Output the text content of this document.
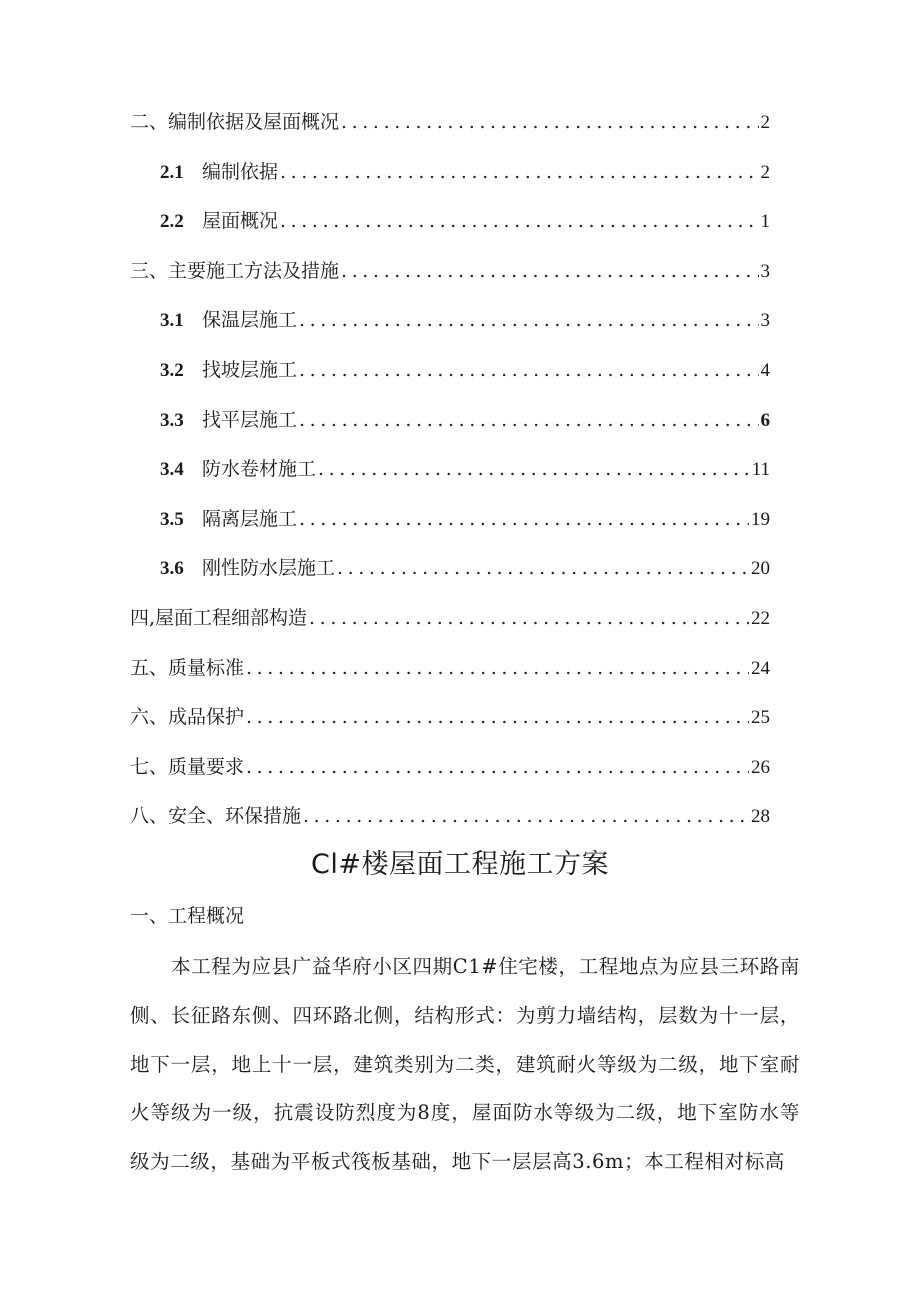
二、编制依据及屋面概况 .....	2
2.1 编制依据 .....	2
2.2 屋面概况 .....	1
三、主要施工方法及措施 .....	3
3.1 保温层施工 .....	3
3.2 找坡层施工 .....	4
3.3 找平层施工 .....	6
3.4 防水卷材施工 .....	11
3.5 隔离层施工 .....	19
3.6 刚性防水层施工 .....	20
四,屋面工程细部构造 .....	22
五、质量标准 .....	24
六、成品保护 .....	25
七、质量要求 .....	26
八、安全、环保措施 .....	28
Cl#楼屋面工程施工方案
一、工程概况
本工程为应县广益华府小区四期C1#住宅楼，工程地点为应县三环路南侧、长征路东侧、四环路北侧，结构形式：为剪力墙结构，层数为十一层，地下一层，地上十一层，建筑类别为二类，建筑耐火等级为二级，地下室耐火等级为一级，抗震设防烈度为8度，屋面防水等级为二级，地下室防水等级为二级，基础为平板式筏板基础，地下一层层高3.6m；本工程相对标高
